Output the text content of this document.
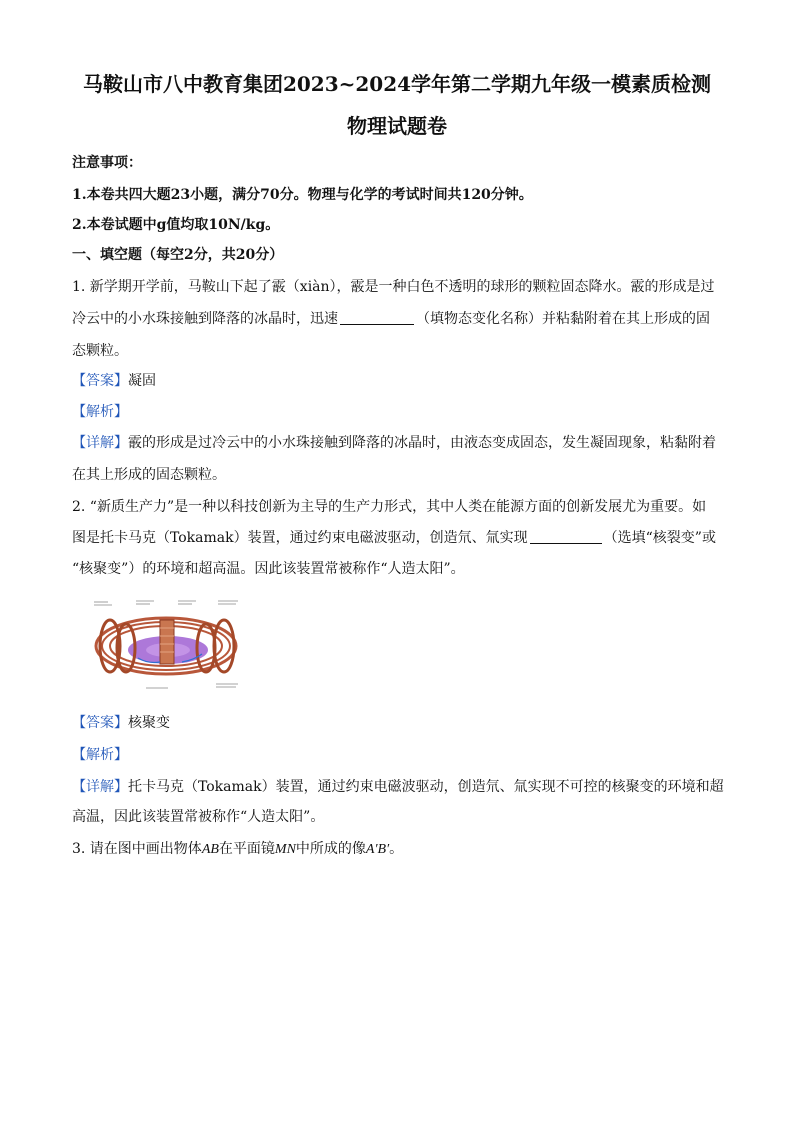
马鞍山市八中教育集团2023~2024学年第二学期九年级一模素质检测
物理试题卷
注意事项：
1.本卷共四大题23小题，满分70分。物理与化学的考试时间共120分钟。
2.本卷试题中g值均取10N/kg。
一、填空题（每空2分，共20分）
1. 新学期开学前，马鞍山下起了霰（xiàn），霰是一种白色不透明的球形的颗粒固态降水。霰的形成是过
冷云中的小水珠接触到降落的冰晶时，迅速	（填物态变化名称）并粘黏附着在其上形成的固
态颗粒。
【答案】凝固
【解析】
【详解】霰的形成是过冷云中的小水珠接触到降落的冰晶时，由液态变成固态，发生凝固现象，粘黏附着
在其上形成的固态颗粒。
2. “新质生产力”是一种以科技创新为主导的生产力形式，其中人类在能源方面的创新发展尤为重要。如
图是托卡马克（Tokamak）装置，通过约束电磁波驱动，创造氘、氚实现	（选填“核裂变”或
“核聚变”）的环境和超高温。因此该装置常被称作“人造太阳”。
【答案】核聚变
【解析】
【详解】托卡马克（Tokamak）装置，通过约束电磁波驱动，创造氘、氚实现不可控的核聚变的环境和超
高温，因此该装置常被称作“人造太阳”。
3. 请在图中画出物体AB在平面镜MN中所成的像A′B′。
